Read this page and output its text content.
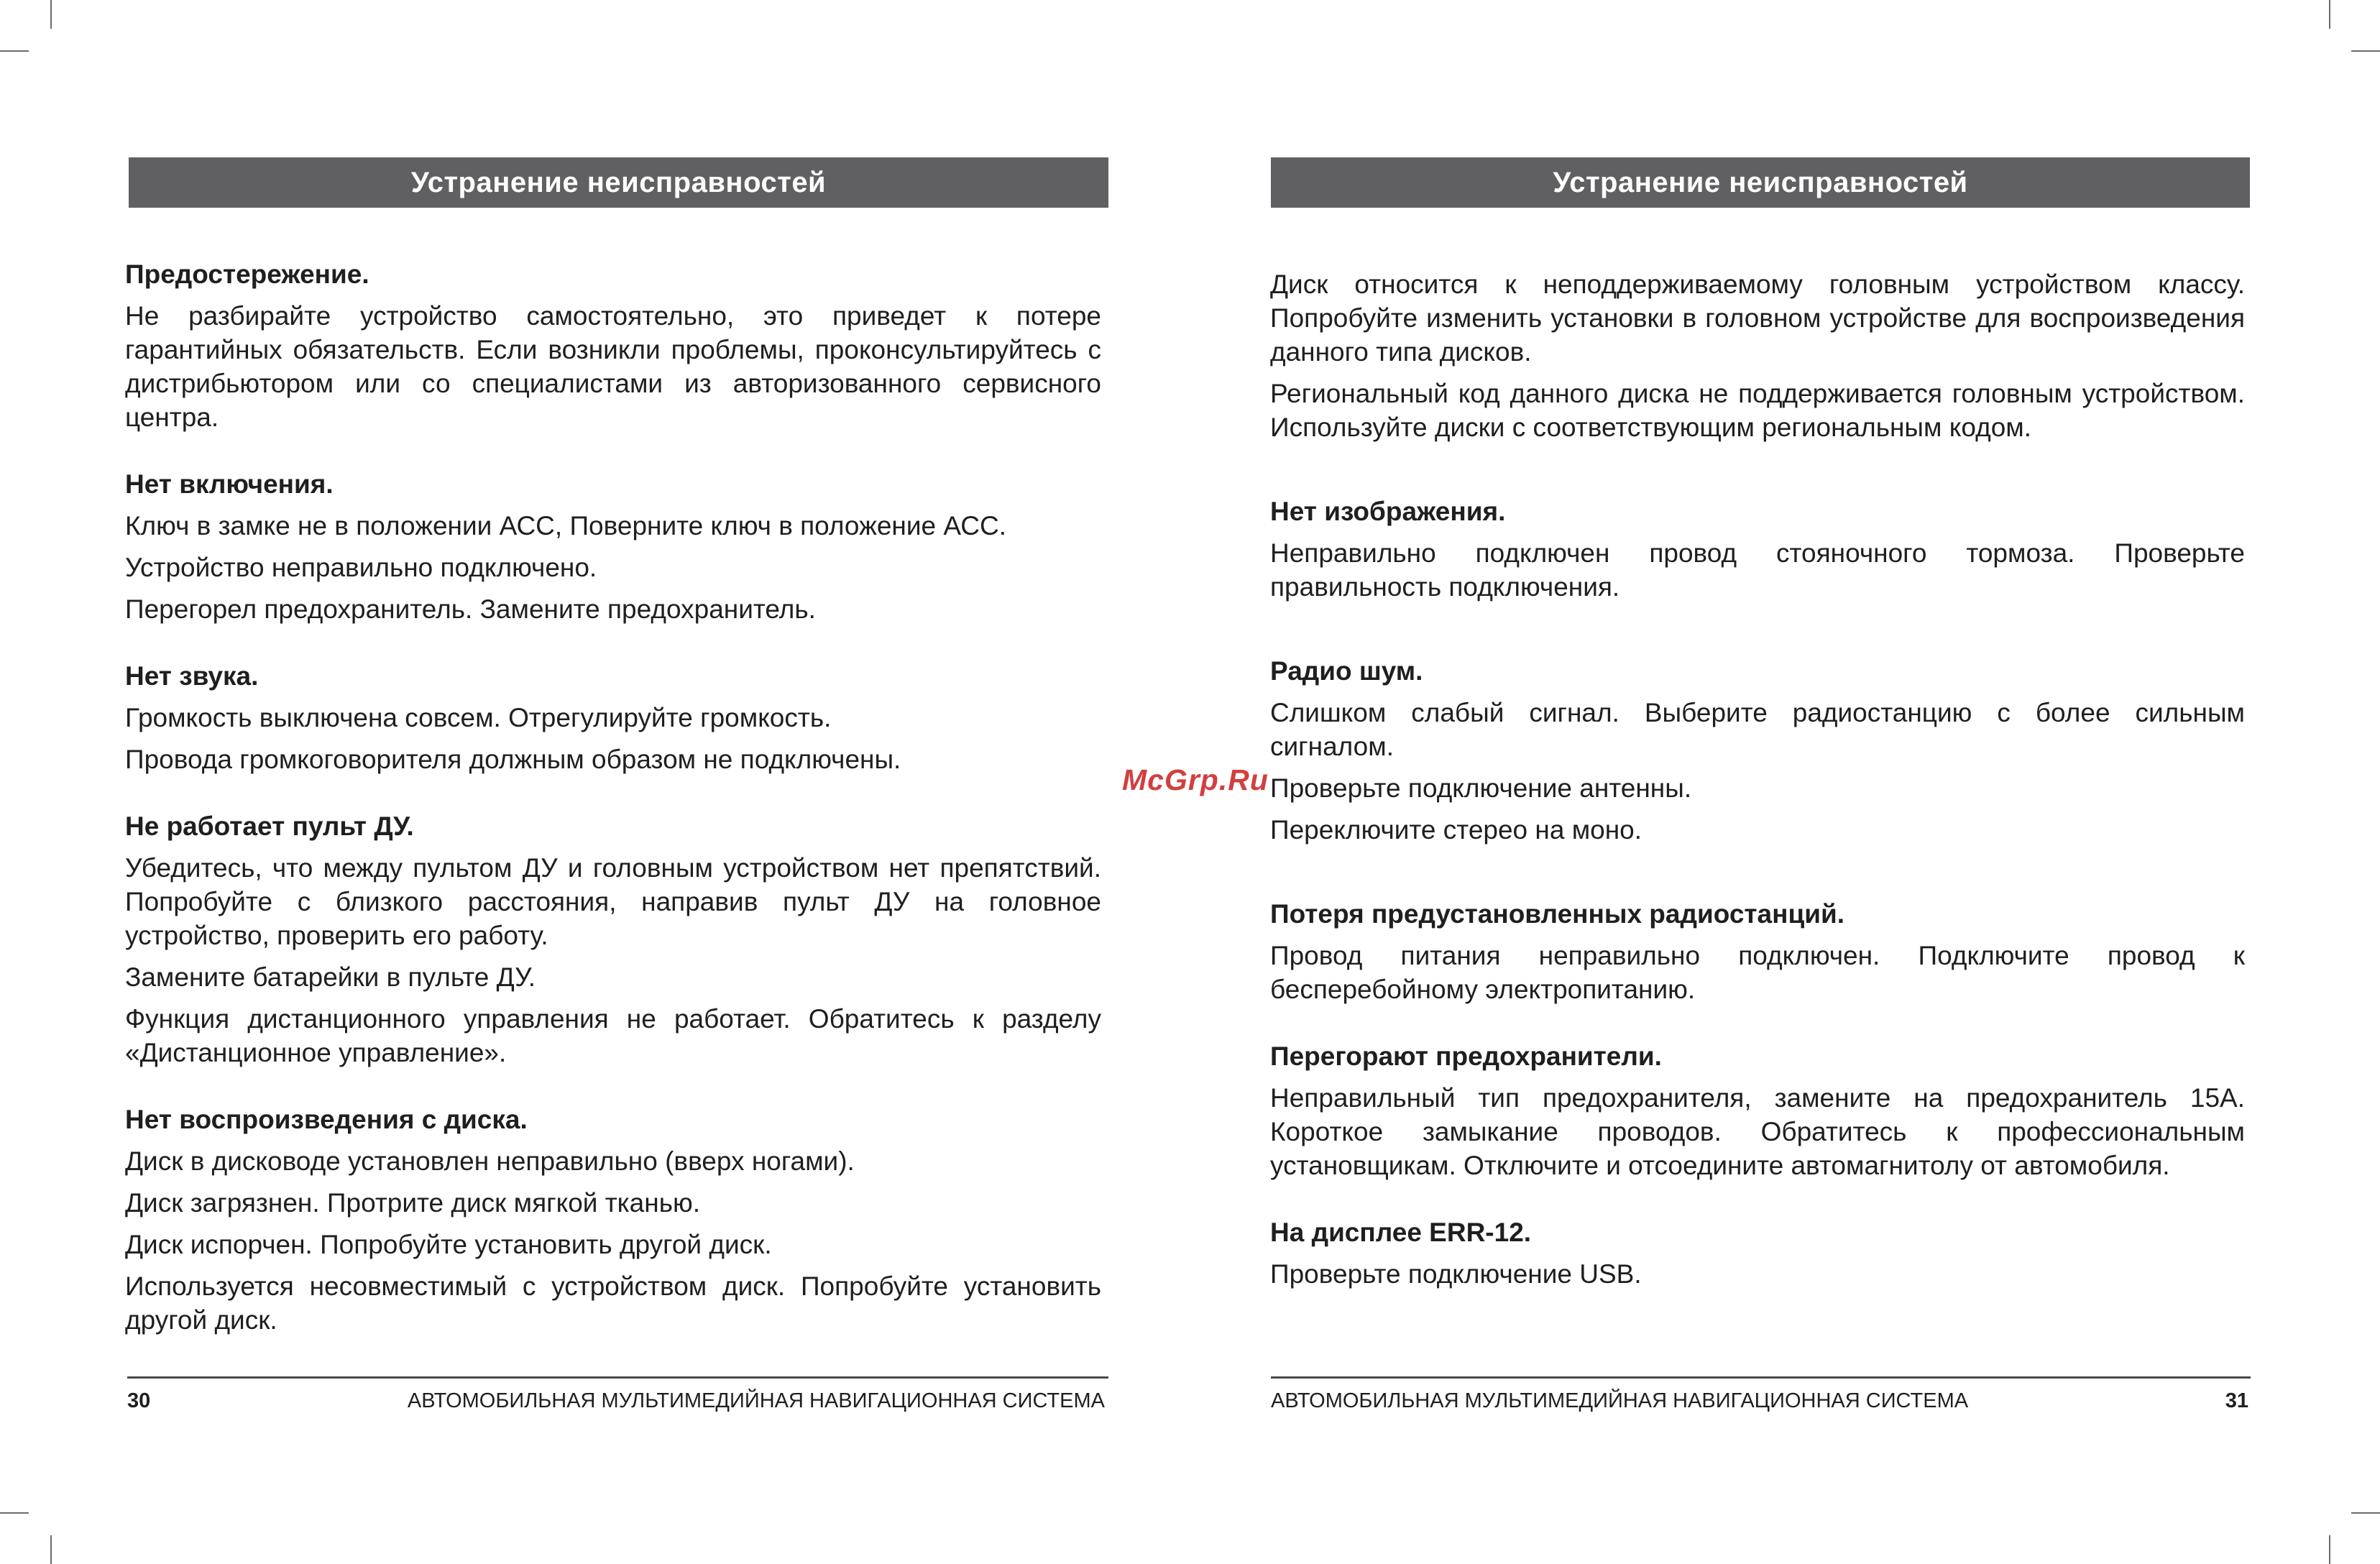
Устранение неисправностей
Предостережение.
Не разбирайте устройство самостоятельно, это приведет к потере гарантийных обязательств. Если возникли проблемы, проконсультируйтесь с дистрибьютором или со специалистами из авторизованного сервисного центра.
Нет включения.
Ключ в замке не в положении АСС, Поверните ключ в положение АСС.
Устройство неправильно подключено.
Перегорел предохранитель. Замените предохранитель.
Нет звука.
Громкость выключена совсем. Отрегулируйте громкость.
Провода громкоговорителя должным образом не подключены.
Не работает пульт ДУ.
Убедитесь, что между пультом ДУ и головным устройством нет препятствий. Попробуйте с близкого расстояния, направив пульт ДУ на головное устройство, проверить его работу.
Замените батарейки в пульте ДУ.
Функция дистанционного управления не работает. Обратитесь к разделу «Дистанционное управление».
Нет воспроизведения с диска.
Диск в дисководе установлен неправильно (вверх ногами).
Диск загрязнен. Протрите диск мягкой тканью.
Диск испорчен. Попробуйте установить другой диск.
Используется несовместимый с устройством диск. Попробуйте установить другой диск.
30	АВТОМОБИЛЬНАЯ МУЛЬТИМЕДИЙНАЯ НАВИГАЦИОННАЯ СИСТЕМА
Устранение неисправностей
Диск относится к неподдерживаемому головным устройством классу. Попробуйте изменить установки в головном устройстве для воспроизведения данного типа дисков.
Региональный код данного диска не поддерживается головным устройством. Используйте диски с соответствующим региональным кодом.
Нет изображения.
Неправильно подключен провод стояночного тормоза. Проверьте правильность подключения.
Радио шум.
Слишком слабый сигнал. Выберите радиостанцию с более сильным сигналом.
Проверьте подключение антенны.
Переключите стерео на моно.
Потеря предустановленных радиостанций.
Провод питания неправильно подключен. Подключите провод к бесперебойному электропитанию.
Перегорают предохранители.
Неправильный тип предохранителя, замените на предохранитель 15А. Короткое замыкание проводов. Обратитесь к профессиональным установщикам. Отключите и отсоедините автомагнитолу от автомобиля.
На дисплее ERR-12.
Проверьте подключение USB.
АВТОМОБИЛЬНАЯ МУЛЬТИМЕДИЙНАЯ НАВИГАЦИОННАЯ СИСТЕМА	31
McGrp.Ru
